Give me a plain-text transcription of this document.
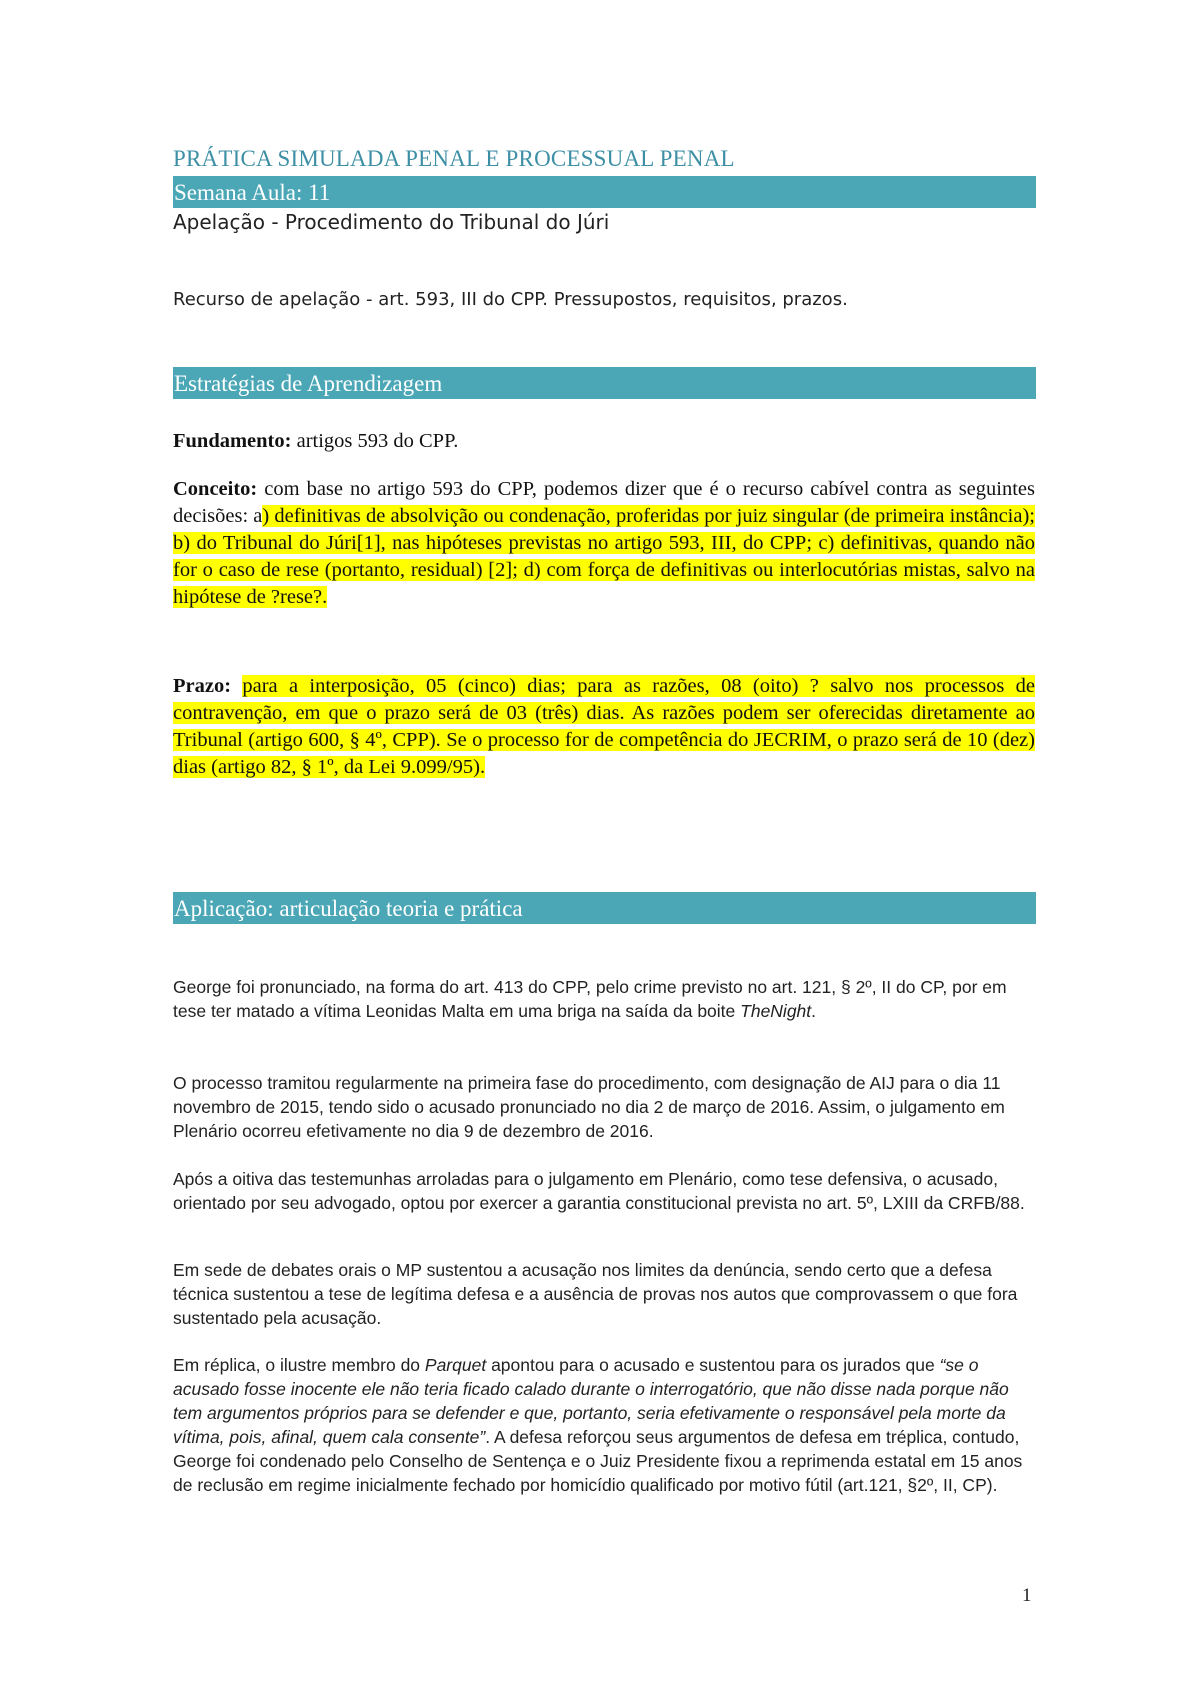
PRÁTICA SIMULADA PENAL E PROCESSUAL PENAL
Semana Aula: 11
Apelação - Procedimento do Tribunal do Júri
Recurso de apelação - art. 593, III do CPP. Pressupostos, requisitos, prazos.
Estratégias de Aprendizagem
Fundamento: artigos 593 do CPP.
Conceito: com base no artigo 593 do CPP, podemos dizer que é o recurso cabível contra as seguintes decisões: a) definitivas de absolvição ou condenação, proferidas por juiz singular (de primeira instância); b) do Tribunal do Júri[1], nas hipóteses previstas no artigo 593, III, do CPP; c) definitivas, quando não for o caso de rese (portanto, residual) [2]; d) com força de definitivas ou interlocutórias mistas, salvo na hipótese de ?rese?.
Prazo: para a interposição, 05 (cinco) dias; para as razões, 08 (oito) ? salvo nos processos de contravenção, em que o prazo será de 03 (três) dias. As razões podem ser oferecidas diretamente ao Tribunal (artigo 600, § 4º, CPP). Se o processo for de competência do JECRIM, o prazo será de 10 (dez) dias (artigo 82, § 1º, da Lei 9.099/95).
Aplicação: articulação teoria e prática
George foi pronunciado, na forma do art. 413 do CPP, pelo crime previsto no art. 121, § 2º, II do CP, por em tese ter matado a vítima Leonidas Malta em uma briga na saída da boite TheNight.
O processo tramitou regularmente na primeira fase do procedimento, com designação de AIJ para o dia 11 novembro de 2015, tendo sido o acusado pronunciado no dia 2 de março de 2016. Assim, o julgamento em Plenário ocorreu efetivamente no dia 9 de dezembro de 2016.
Após a oitiva das testemunhas arroladas para o julgamento em Plenário, como tese defensiva, o acusado, orientado por seu advogado, optou por exercer a garantia constitucional prevista no art. 5º, LXIII da CRFB/88.
Em sede de debates orais o MP sustentou a acusação nos limites da denúncia, sendo certo que a defesa técnica sustentou a tese de legítima defesa e a ausência de provas nos autos que comprovassem o que fora sustentado pela acusação.
Em réplica, o ilustre membro do Parquet apontou para o acusado e sustentou para os jurados que “se o acusado fosse inocente ele não teria ficado calado durante o interrogatório, que não disse nada porque não tem argumentos próprios para se defender e que, portanto, seria efetivamente o responsável pela morte da vítima, pois, afinal, quem cala consente”. A defesa reforçou seus argumentos de defesa em tréplica, contudo, George foi condenado pelo Conselho de Sentença e o Juiz Presidente fixou a reprimenda estatal em 15 anos de reclusão em regime inicialmente fechado por homicídio qualificado por motivo fútil (art.121, §2º, II, CP).
1
